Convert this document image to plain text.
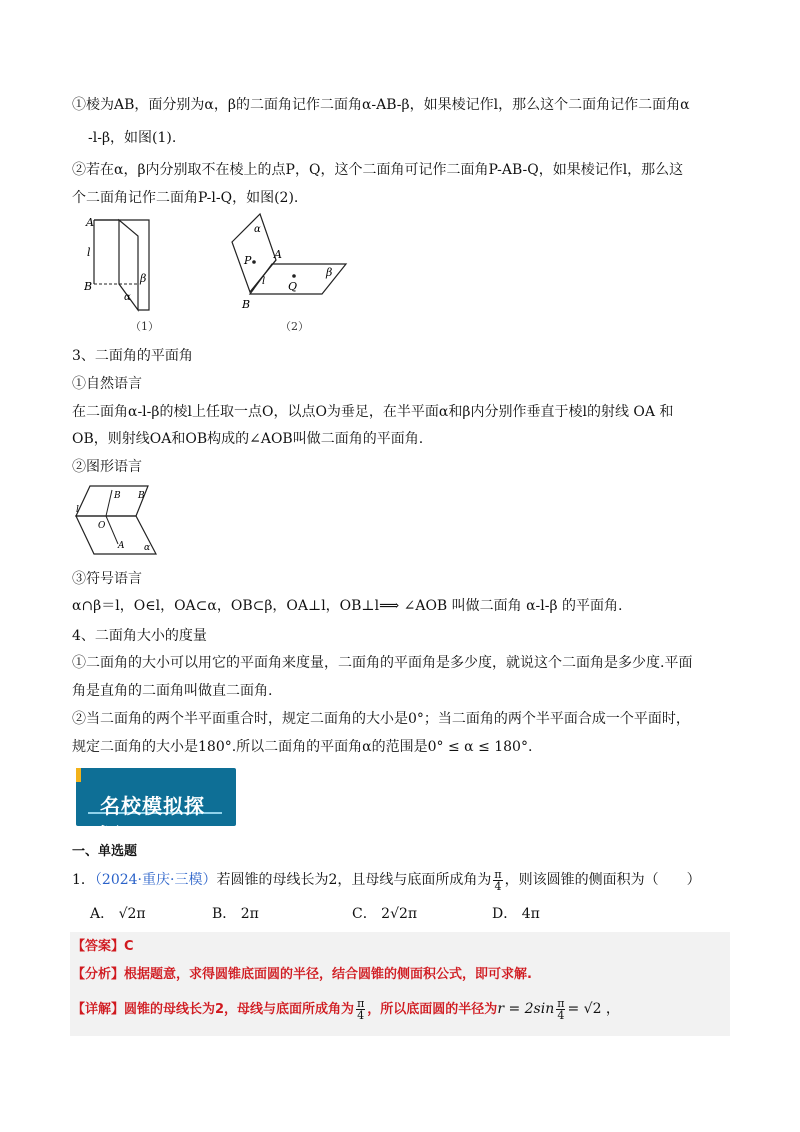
①棱为AB，面分别为α，β的二面角记作二面角α-AB-β，如果棱记作l，那么这个二面角记作二面角α
-l-β，如图(1).
②若在α，β内分别取不在棱上的点P，Q，这个二面角可记作二面角P-AB-Q，如果棱记作l，那么这
个二面角记作二面角P-l-Q，如图(2).
A
l
B
β
α
（1）
α
P A
l Q
B
β
（2）
3、二面角的平面角
①自然语言
在二面角α-l-β的棱l上任取一点O，以点O为垂足，在半平面α和β内分别作垂直于棱l的射线 OA 和
OB，则射线OA和OB构成的∠AOB叫做二面角的平面角.
②图形语言
B B
l
O
A α
③符号语言
α∩β＝l，O∈l，OA⊂α，OB⊂β，OA⊥l，OB⊥l⟹ ∠AOB 叫做二面角 α-l-β 的平面角.
4、二面角大小的度量
①二面角的大小可以用它的平面角来度量，二面角的平面角是多少度，就说这个二面角是多少度.平面
角是直角的二面角叫做直二面角.
②当二面角的两个半平面重合时，规定二面角的大小是0°；当二面角的两个半平面合成一个平面时，
规定二面角的大小是180°.所以二面角的平面角α的范围是0° ≤ α ≤ 180°.
名校模拟探源
一、单选题
1．（2024·重庆·三模）若圆锥的母线长为2，且母线与底面所成角为 $\frac{\pi}{4}$ ，则该圆锥的侧面积为（　　）
A． √2π	B． 2π	C． 2√2π	D． 4π
【答案】C
【分析】根据题意，求得圆锥底面圆的半径，结合圆锥的侧面积公式，即可求解.
【详解】圆锥的母线长为2，母线与底面所成角为 $\frac{\pi}{4}$ ，所以底面圆的半径为$r = 2\sin \frac{\pi}{4} = √2$ ，
